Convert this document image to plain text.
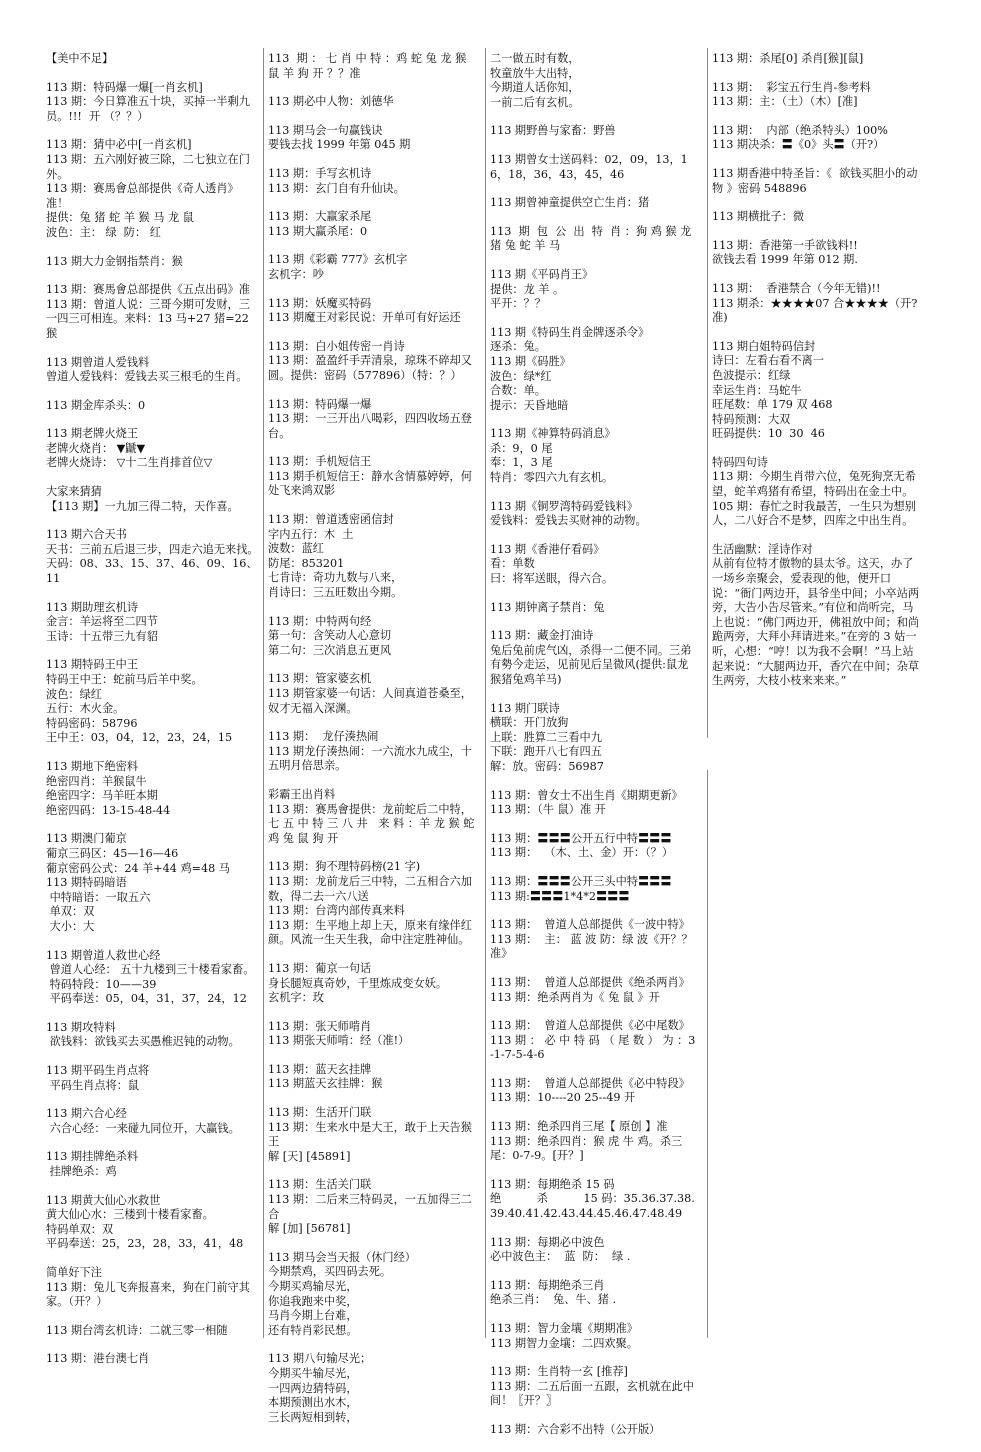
【美中不足】
113 期：特码爆一爆[一肖玄机]
113 期：今日算准五十块，买掉一半剩九员。!!!  开 （？？）
113 期：猜中必中[一肖玄机]
113 期：五六刚好被三除，二七独立在门外。
113 期：赛馬會总部提供《奇人透肖》准！
提供：兔 猪 蛇 羊 猴 马 龙 鼠
波色：主： 绿  防： 红
113 期大力金钢指禁肖：猴
113 期：赛馬會总部提供《五点出码》准
113 期：曾道人说：三哥今期可发财，三一四三可相连。来料：13 马+27 猪=22 猴
113 期曾道人爱钱料
曾道人爱钱料：爱钱去买三根毛的生肖。
113 期金库杀头：0
113 期老牌火烧王
老牌火烧肖： ▼鼶▼
老牌火烧诗： ▽十二生肖排首位▽
大家来猜猜
【113 期】一九加三得二特，天作喜。
113 期六合天书
天书：三前五后退三步，四走六追无来找。
天码：08、33、15、37、46、09、16、11
113 期助理玄机诗
金言：羊运将至二四节
玉诗：十五带三九有貂
113 期特码王中王
特码王中王：蛇前马后羊中奖。
波色：绿红
五行：木火金。
特码密码：58796
王中王：03，04，12，23，24，15
113 期地下绝密料
绝密四肖：羊猴鼠牛
绝密四字：马羊旺本期
绝密四码：13-15-48-44
113 期澳门葡京
葡京三码区：45—16—46
葡京密码公式：24 羊+44 鸡=48 马
113 期特码暗语
中特暗语：一取五六
单双：双
大小：大
113 期曾道人救世心经
曾道人心经： 五十九楼到三十楼看家畜。
特码特段：10——39
平码奉送：05，04，31，37，24，12
113 期攻特料
欲钱料：欲钱买去买愚椎迟钝的动物。
113 期平码生肖点将
平码生肖点将：鼠
113 期六合心经
六合心经：一来碰九同位开，大赢钱。
113 期挂牌绝杀料
挂牌绝杀：鸡
113 期黄大仙心水救世
黄大仙心水：三楼到十楼看家畜。
特码单双：双
平码奉送：25，23，28，33，41，48
简单好下注
113 期：兔儿飞奔报喜来，狗在门前守其家。（开？）
113 期台湾玄机诗：二就三零一相随
113 期：港台澳七肖
113  期 ： 七 肖 中 特 ：鸡 蛇 兔 龙 猴 鼠 羊 狗 开 ？？准
113 期必中人物：刘德华
113 期马会一句赢钱诀
要钱去找 1999 年第 045 期
113 期：手写玄机诗
113 期：玄门自有升仙诀。
113 期：大赢家杀尾
113 期大赢杀尾：0
113 期《彩霸 777》玄机字
玄机字：吵
113 期：妖魔买特码
113 期魔王对彩民说：开单可有好运还
113 期：白小姐传密一肖诗
113 期：盈盈纤手弄清泉，琼珠不碎却又圆。提供：密码（577896）（特：？）
113 期：特码爆一爆
113 期：一三开出八喝彩，四四收场五登台。
113 期：手机短信王
113 期手机短信王：静水含情慕婷婷，何处飞来鸿双影
113 期：曾道透密函信封
字内五行：木  土
波数：蓝红
防尾：853201
七肯诗：奇功九数与八来，
肖诗曰：三五旺数出今期。
113 期：中特两句经
第一句：含笑动人心意切
第二句：三次消息五更风
113 期：管家婆玄机
113 期管家婆一句话：人间真道苍桑至，奴才无福入深渊。
113 期：  龙仔湊热闹
113 期龙仔湊热闹：一六流水九成尘，十五明月倍思亲。
彩霸王出肖料
113 期：赛馬會提供：龙前蛇后二中特，七 五 中 特 三 八 井   来 料 ：羊 龙 猴 蛇 鸡 兔 鼠 狗 开
113 期：狗不理特码榜(21 字)
113 期：龙前龙后三中特，二五相合六加数，得二去一六八送
113 期：台湾内部传真来料
113 期：生平地上却上天，原来有缘伴红颜。风流一生天生我，命中注定胜神仙。
113 期：葡京一句话
身长腿短真奇妙，千里炼成变女妖。
玄机字：玫
113 期：张天师啃肖
113 期张天师啃：经（准!）
113 期：蓝天玄挂牌
113 期蓝天玄挂牌：猴
113 期：生活开门联
113 期：生来水中是大王，敢于上天告猴王
解 [天] [45891]
113 期：生活关门联
113 期：二后来三特码灵，一五加得三二合
解 [加] [56781]
113 期马会当天报（休门经）
今期禁鸡，买四码去死。
今期买鸡输尽光，
你追我跑来中奖，
马肖今期上台难，
还有特肖彩民想。
113 期八句输尽光；
今期买牛输尽光，
一四两边猜特码，
本期预测出水木，
三长两短相到转，
二一做五时有数，
牧童放牛大出特，
今期道人话你知，
一前二后有玄机。
113 期野兽与家畜：野兽
113 期曾女士送码料：02，09，13，16，18，36，43，45，46
113 期曾神童提供空亡生肖：猪
113  期  包  公  出  特  肖 ：狗 鸡 猴 龙 猪 兔 蛇 羊 马
113 期《平码肖王》
提供：龙 羊 。
平开：？？
113 期《特码生肖金牌逐杀令》
逐杀：兔。
113 期《码胜》
波色：绿*红
合数：单。
提示：天昏地暗
113 期《神算特码消息》
杀：9，0 尾
奉：1，3 尾
特肖：零四六九有玄机。
113 期《铜罗湾特码爱钱料》
爱钱料：爱钱去买财神的动物。
113 期《香港仔看码》
看：单数
曰：将军送眼，得六合。
113 期钟离子禁肖：兔
113 期：藏金打油诗
兔后兔前虎气凶，杀得一二便不同。三弟有勢今走运，见前见后呈微风(提供:鼠龙猴猪兔鸡羊马)
113 期门联诗
横联：开门放狗
上联：胜算二三看中九
下联：跑开八七有四五
解：放。密码：56987
113 期：曾女士不出生肖《期期更新》
113 期：（牛 鼠）准 开
113 期：〓〓〓公开五行中特〓〓〓
113 期：  （木、土、金）开：（？）
113 期：〓〓〓公开三头中特〓〓〓
113 期:〓〓〓1*4*2〓〓〓
113 期：  曾道人总部提供《一波中特》
113 期：  主： 蓝 波 防：绿 波《开？？准》
113 期：  曾道人总部提供《绝杀两肖》
113 期：绝杀两肖为《 兔 鼠 》开
113 期：  曾道人总部提供《必中尾数》
113 期 ： 必 中 特 码 （ 尾 数 ） 为 ：3-1-7-5-4-6
113 期：  曾道人总部提供《必中特段》
113 期：10----20 25--49 开
113 期：绝杀四肖三尾【 原创 】准
113 期：绝杀四肖：猴 虎 牛 鸡。杀三尾：0-7-9。[开？]
113 期：每期绝杀 15 码
绝          杀          15 码：35.36.37.38.39.40.41.42.43.44.45.46.47.48.49
113 期：每期必中波色
必中波色主：  蓝  防：  绿 .
113 期：每期绝杀三肖
绝杀三肖：  兔、牛、猪 .
113 期：智力金壤《期期准》
113 期智力金壤：二四欢聚。
113 期：生肖特一玄 [推荐]
113 期：二五后面一五跟，玄机就在此中间！〖开？〗
113 期：六合彩不出特（公开版）
113 期：杀尾[0] 杀肖[猴][鼠]
113 期：  彩宝五行生肖-参考料
113 期：主：（土）（木）[准]
113 期：  内部（绝杀特头）100%
113 期决杀：〓《0》头〓（开?）
113 期香港中特圣旨：《  欲钱买胆小的动物 》密码 548896
113 期横批子：微
113 期：香港第一手欲钱料!!
欲钱去看 1999 年第 012 期.
113 期：  香港禁合（今年无错)!!
113 期杀：★★★★07 合★★★★（开?准)
113 期白姐特码信封
诗曰：左看右看不离一
色波提示：红绿
幸运生肖：马蛇牛
旺尾数：单 179 双 468
特码预测：大双
旺码提供：10  30  46
特码四句诗
113 期：今期生肖带六位，兔死狗烹无希望，蛇羊鸡猪有希望，特码出在金土中。
105 期：春忙之时我最苦，一生只为想别人，二八好合不是梦，四库之中出生肖。
生活幽默：淫诗作对
从前有位特才傲物的县太爷。这天，办了一场乡亲聚会，爱表现的他，便开口说：“衙门两边开，县爷坐中间；小卒站两旁，大告小告尽管来。”有位和尚听完，马上也说：“佛门两边开，佛祖放中间；和尚跪两旁，大拜小拜请进来。”在旁的 3 姑一听，心想：“哼！以为我不会啊！”马上站起来说：“大腿两边开，香穴在中间；杂草生两旁，大枝小枝来来来。”
